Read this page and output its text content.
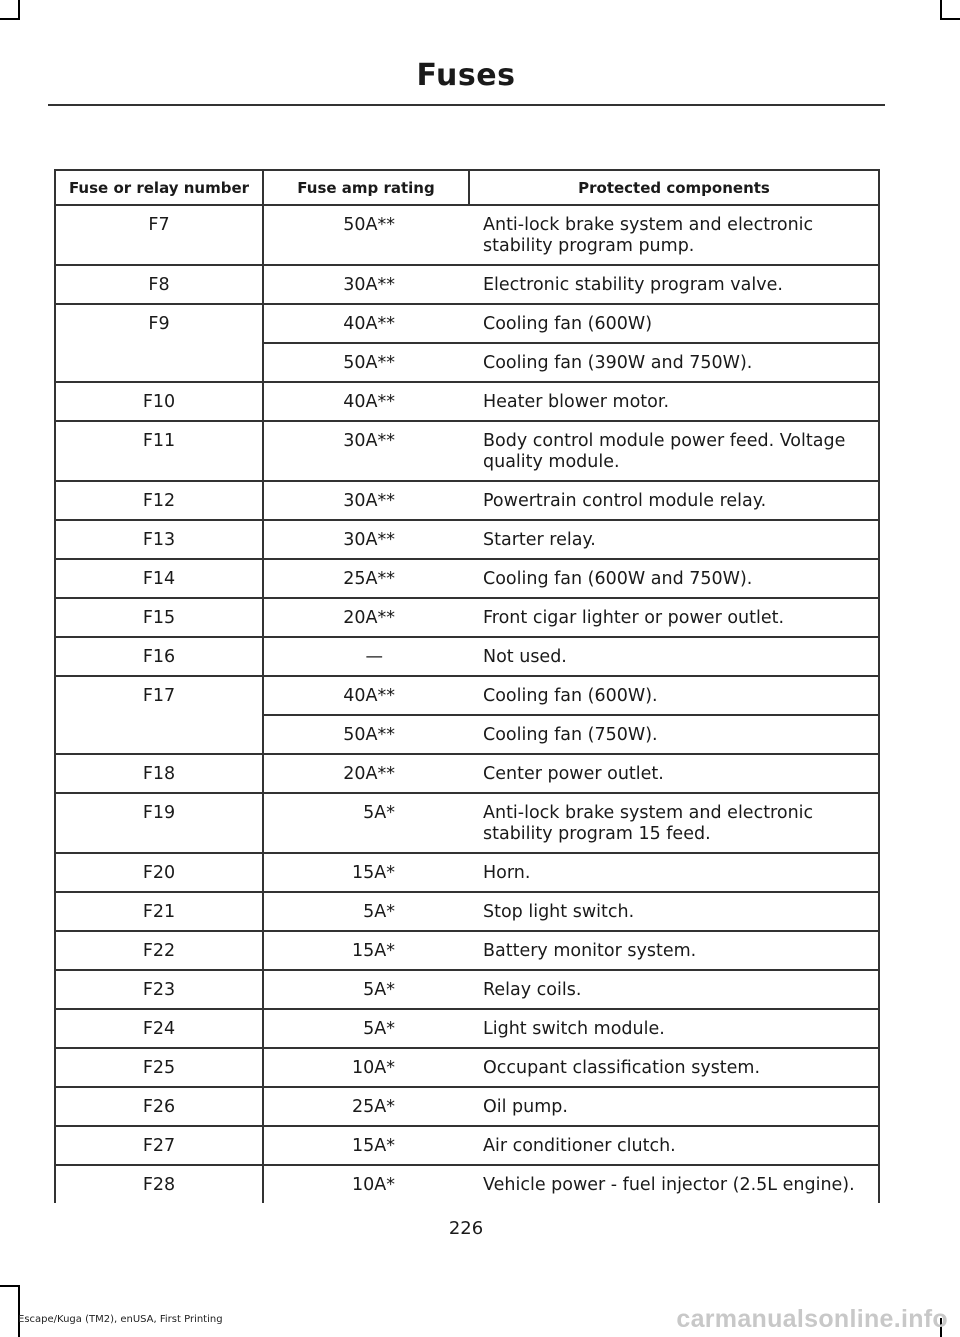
Fuses
Fuse or relay number	Fuse amp rating	Protected components
F7	50A**	Anti-lock brake system and electronic stability program pump.
F8	30A**	Electronic stability program valve.
F9	40A**	Cooling fan (600W)
	50A**	Cooling fan (390W and 750W).
F10	40A**	Heater blower motor.
F11	30A**	Body control module power feed. Voltage quality module.
F12	30A**	Powertrain control module relay.
F13	30A**	Starter relay.
F14	25A**	Cooling fan (600W and 750W).
F15	20A**	Front cigar lighter or power outlet.
F16	—	Not used.
F17	40A**	Cooling fan (600W).
	50A**	Cooling fan (750W).
F18	20A**	Center power outlet.
F19	5A*	Anti-lock brake system and electronic stability program 15 feed.
F20	15A*	Horn.
F21	5A*	Stop light switch.
F22	15A*	Battery monitor system.
F23	5A*	Relay coils.
F24	5A*	Light switch module.
F25	10A*	Occupant classification system.
F26	25A*	Oil pump.
F27	15A*	Air conditioner clutch.
F28	10A*	Vehicle power - fuel injector (2.5L engine).
226
Escape/Kuga (TM2), enUSA, First Printing	carmanualsonline.info
